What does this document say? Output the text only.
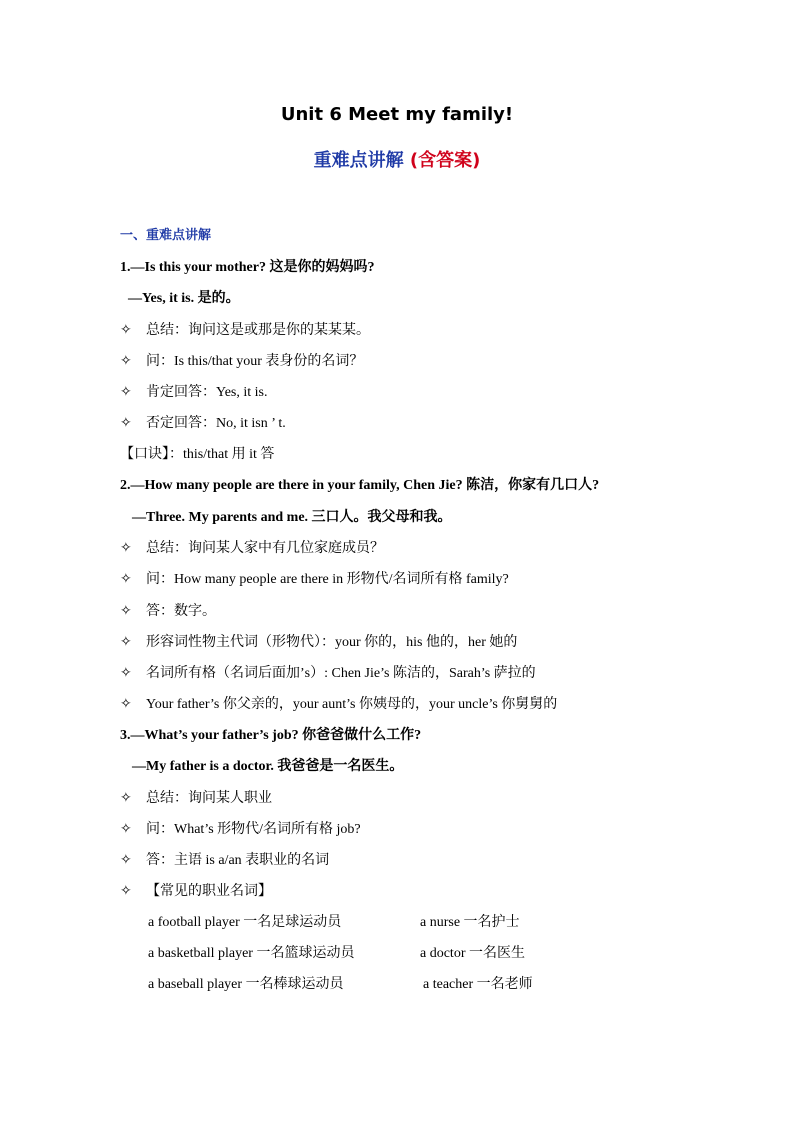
Unit 6 Meet my family!
重难点讲解 (含答案)
一、重难点讲解
1.—Is this your mother? 这是你的妈妈吗?
—Yes, it is. 是的。
✧ 总结：询问这是或那是你的某某某。
✧ 问：Is this/that your 表身份的名词？
✧ 肯定回答：Yes, it is.
✧ 否定回答：No, it isn ’ t.
【口诀】：this/that 用 it 答
2.—How many people are there in your family, Chen Jie? 陈洁，你家有几口人?
—Three. My parents and me. 三口人。我父母和我。
✧ 总结：询问某人家中有几位家庭成员？
✧ 问：How many people are there in 形物代/名词所有格 family?
✧ 答：数字。
✧ 形容词性物主代词（形物代）：your 你的，his 他的，her 她的
✧ 名词所有格（名词后面加’s）: Chen Jie’s 陈洁的，Sarah’s 萨拉的
✧ Your father’s 你父亲的，your aunt’s 你姨母的，your uncle’s 你舅舅的
3.—What’s your father’s job? 你爸爸做什么工作?
—My father is a doctor. 我爸爸是一名医生。
✧ 总结：询问某人职业
✧ 问：What’s 形物代/名词所有格 job?
✧ 答：主语 is a/an 表职业的名词
✧ 【常见的职业名词】
a football player 一名足球运动员	a nurse 一名护士
a basketball player 一名篮球运动员	a doctor 一名医生
a baseball player 一名棒球运动员	a teacher 一名老师
